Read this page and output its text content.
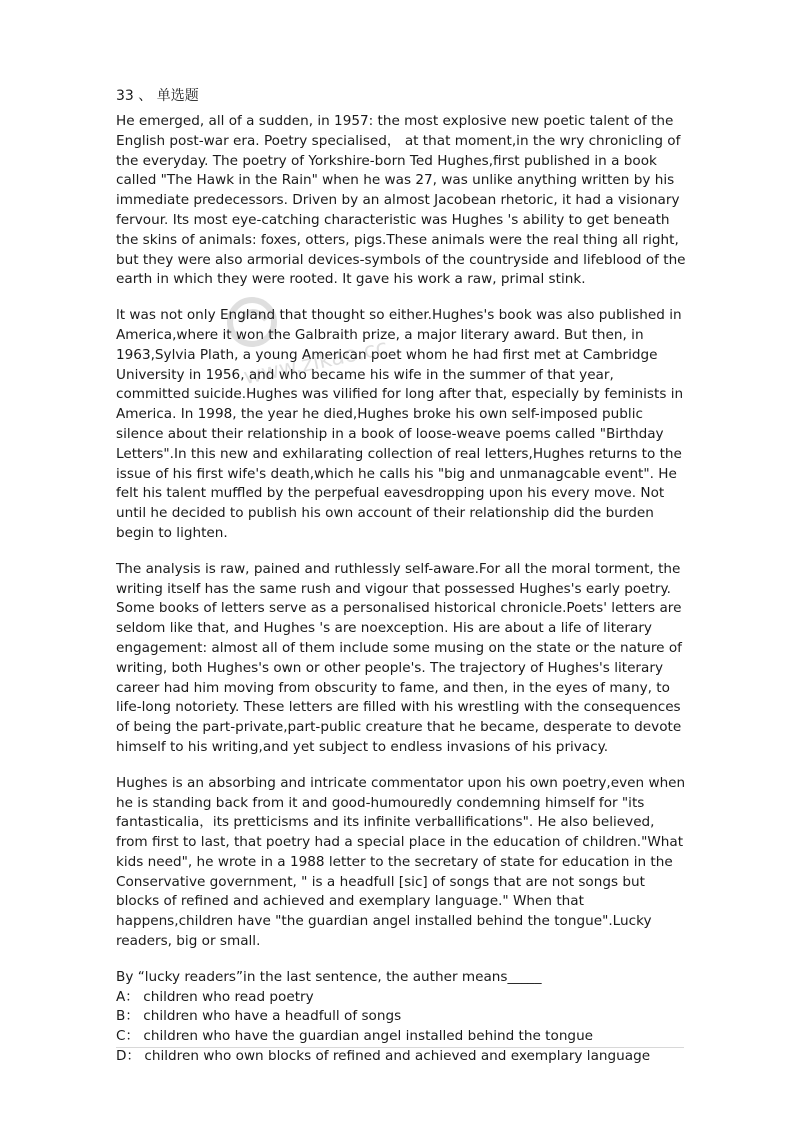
www.zikao.cc

33 、 单选题

He emerged, all of a sudden, in 1957: the most explosive new poetic talent of the English post-war era. Poetry specialised， at that moment,in the wry chronicling of the everyday. The poetry of Yorkshire-born Ted Hughes,first published in a book called "The Hawk in the Rain" when he was 27, was unlike anything written by his immediate predecessors. Driven by an almost Jacobean rhetoric, it had a visionary fervour. Its most eye-catching characteristic was Hughes 's ability to get beneath the skins of animals: foxes, otters, pigs.These animals were the real thing all right, but they were also armorial devices-symbols of the countryside and lifeblood of the earth in which they were rooted. It gave his work a raw, primal stink.

lt was not only England that thought so either.Hughes's book was also published in America,where it won the Galbraith prize, a major literary award. But then, in 1963,Sylvia Plath, a young American poet whom he had first met at Cambridge University in 1956, and who became his wife in the summer of that year, committed suicide.Hughes was vilified for long after that, especially by feminists in America. In 1998, the year he died,Hughes broke his own self-imposed public silence about their relationship in a book of loose-weave poems called "Birthday Letters".In this new and exhilarating collection of real letters,Hughes returns to the issue of his first wife's death,which he calls his "big and unmanagcable event". He felt his talent muffled by the perpefual eavesdropping upon his every move. Not until he decided to publish his own account of their relationship did the burden begin to lighten.

The analysis is raw, pained and ruthlessly self-aware.For all the moral torment, the writing itself has the same rush and vigour that possessed Hughes's early poetry. Some books of letters serve as a personalised historical chronicle.Poets' letters are seldom like that, and Hughes 's are noexception. His are about a life of literary engagement: almost all of them include some musing on the state or the nature of writing, both Hughes's own or other people's. The trajectory of Hughes's literary career had him moving from obscurity to fame, and then, in the eyes of many, to life-long notoriety. These letters are filled with his wrestling with the consequences of being the part-private,part-public creature that he became, desperate to devote himself to his writing,and yet subject to endless invasions of his privacy.

Hughes is an absorbing and intricate commentator upon his own poetry,even when he is standing back from it and good-humouredly condemning himself for "its fantasticalia，its pretticisms and its infinite verballifications". He also believed, from first to last, that poetry had a special place in the education of children."What kids need", he wrote in a 1988 letter to the secretary of state for education in the Conservative government, " is a headfull [sic] of songs that are not songs but blocks of refined and achieved and exemplary language." When that happens,children have "the guardian angel installed behind the tongue".Lucky readers, big or small.

By “lucky readers”in the last sentence, the auther means_____

A： children who read poetry
B： children who have a headfull of songs
C： children who have the guardian angel installed behind the tongue
D： children who own blocks of refined and achieved and exemplary language
